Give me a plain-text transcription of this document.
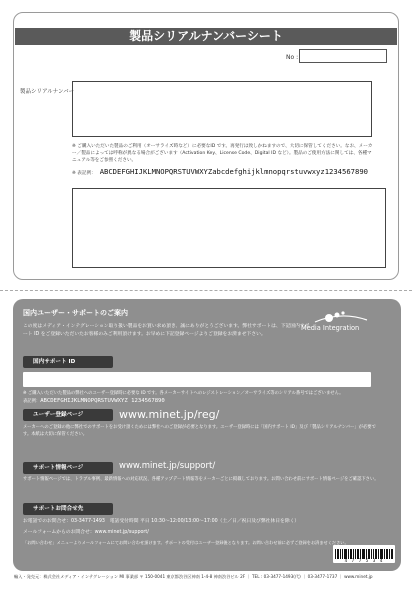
製品シリアルナンバーシート
No :
製品シリアルナンバー
※ ご購入いただいた製品のご利用（オーサライズ時など）に必要なID です。再発行は致しかねますので、大切に保管してください。なお、メーカー／製品によっては呼称が異なる場合がございます（Activation Key、License Code、Digital ID など）。製品のご使用方法に関しては、各種マニュアル等をご参照ください。
※ 表記例： ABCDEFGHIJKLMNOPQRSTUVWXYZabcdefghijklmnopqrstuvwxyz1234567890
国内ユーザー・サポートのご案内
この度はメディア・インテグレーション取り扱い製品をお買い求め頂き、誠にありがとうございます。弊社サポートは、下記国内サポート ID をご登録いただいたお客様のみご利用頂けます。お早めに下記登録ページよりご登録をお済ませ下さい。
Media Integration
国内サポート ID
※ ご購入いただいた製品の弊社へのユーザー登録時に必要な ID です。各メーカーサイトへのレジストレーション／オーサライズ等のシリアル番号ではございません。
表記例：ABCDEFGHIJKLMNOPQRSTUVWXYZ 1234567890
ユーザー登録ページ	www.minet.jp/reg/
メーカーへのご登録の他に弊社でのサポートをお受け頂くためには弊社へのご登録が必要となります。ユーザー登録時には「国内サポート ID」及び「製品シリアルナンバー」が必要です。本紙は大切に保管ください。
サポート情報ページ	www.minet.jp/support/
サポート情報ページでは、トラブル事例、最新情報への対応状況、各種アップデート情報等をメーカーごとに掲載しております。お問い合わせ前にサポート情報ページをご確認下さい。
サポートお問合せ先
お電話でのお問合せ：03-3477-1493　電話受付時間 平日 10:30～12:00/13:00～17:00（土／日／祝日及び弊社休日を除く）
メールフォームからのお問合せ：www.minet.jp/support/
「お問い合わせ」メニューよりメールフォームにてお問い合わせ頂けます。サポートの受付はユーザー登録後となります。お問い合わせ前に必ずご登録をお済ませください。
4 7 7 5 3 4
輸入・発売元：株式会社メディア・インテグレーション MI 事業部 〒 150-0041 東京都渋谷区神南 1-4-8 神南渋谷ビル 2F ｜ TEL : 03-3477-1493(代) ｜ 03-3477-1737 ｜ www.minet.jp
